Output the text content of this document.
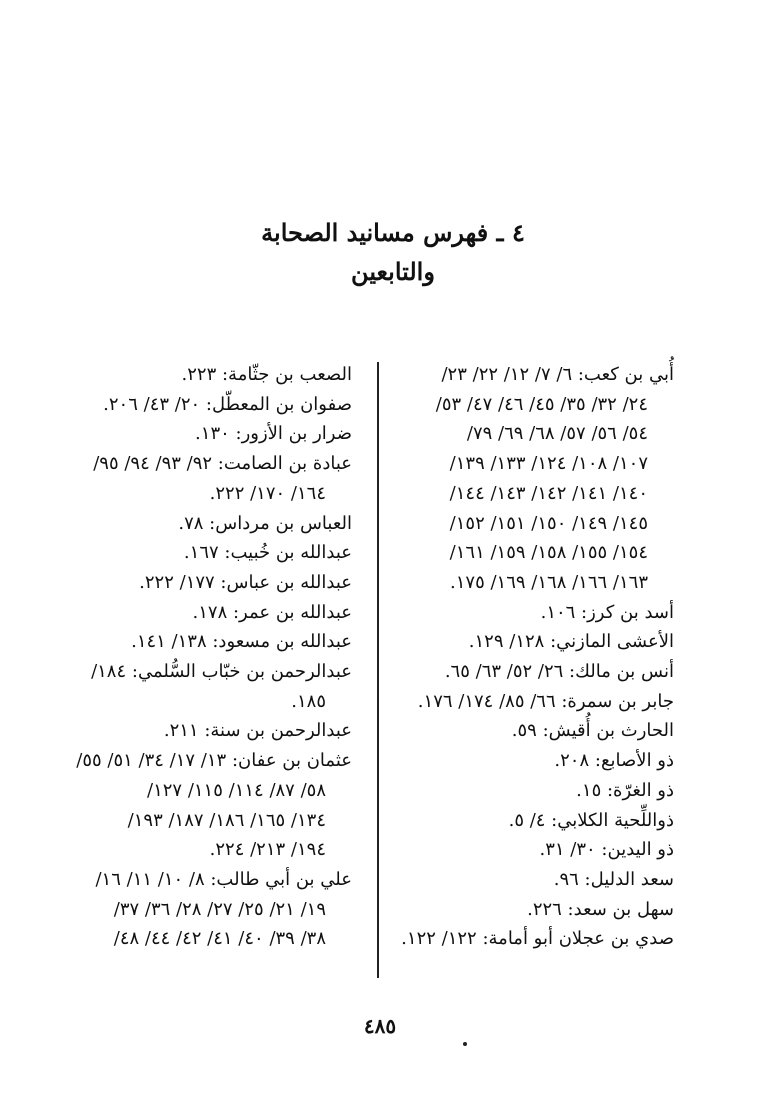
٤ ـ فهرس مسانيد الصحابة
والتابعين
أُبي بن كعب: ٦/ ٧/ ١٢/ ٢٢/ ٢٣/
٢٤/ ٣٢/ ٣٥/ ٤٥/ ٤٦/ ٤٧/ ٥٣/
٥٤/ ٥٦/ ٥٧/ ٦٨/ ٦٩/ ٧٩/
١٠٧/ ١٠٨/ ١٢٤/ ١٣٣/ ١٣٩/
١٤٠/ ١٤١/ ١٤٢/ ١٤٣/ ١٤٤/
١٤٥/ ١٤٩/ ١٥٠/ ١٥١/ ١٥٢/
١٥٤/ ١٥٥/ ١٥٨/ ١٥٩/ ١٦١/
١٦٣/ ١٦٦/ ١٦٨/ ١٦٩/ ١٧٥.
أسد بن كرز: ١٠٦.
الأعشى المازني: ١٢٨/ ١٢٩.
أنس بن مالك: ٢٦/ ٥٢/ ٦٣/ ٦٥.
جابر بن سمرة: ٦٦/ ٨٥/ ١٧٤/ ١٧٦.
الحارث بن أُقيش: ٥٩.
ذو الأصابع: ٢٠٨.
ذو الغرّة: ١٥.
ذواللِّحية الكلابي: ٤/ ٥.
ذو اليدين: ٣٠/ ٣١.
سعد الدليل: ٩٦.
سهل بن سعد: ٢٢٦.
صدي بن عجلان أبو أمامة: ١٢٢/ ١٢٢.
الصعب بن جثّامة: ٢٢٣.
صفوان بن المعطّل: ٢٠/ ٤٣/ ٢٠٦.
ضرار بن الأزور: ١٣٠.
عبادة بن الصامت: ٩٢/ ٩٣/ ٩٤/ ٩٥/
١٦٤/ ١٧٠/ ٢٢٢.
العباس بن مرداس: ٧٨.
عبدالله بن خُبيب: ١٦٧.
عبدالله بن عباس: ١٧٧/ ٢٢٢.
عبدالله بن عمر: ١٧٨.
عبدالله بن مسعود: ١٣٨/ ١٤١.
عبدالرحمن بن خبّاب السُّلمي: ١٨٤/
١٨٥.
عبدالرحمن بن سنة: ٢١١.
عثمان بن عفان: ١٣/ ١٧/ ٣٤/ ٥١/ ٥٥/
٥٨/ ٨٧/ ١١٤/ ١١٥/ ١٢٧/
١٣٤/ ١٦٥/ ١٨٦/ ١٨٧/ ١٩٣/
١٩٤/ ٢١٣/ ٢٢٤.
علي بن أبي طالب: ٨/ ١٠/ ١١/ ١٦/
١٩/ ٢١/ ٢٥/ ٢٧/ ٢٨/ ٣٦/ ٣٧/
٣٨/ ٣٩/ ٤٠/ ٤١/ ٤٢/ ٤٤/ ٤٨/
٤٨٥
